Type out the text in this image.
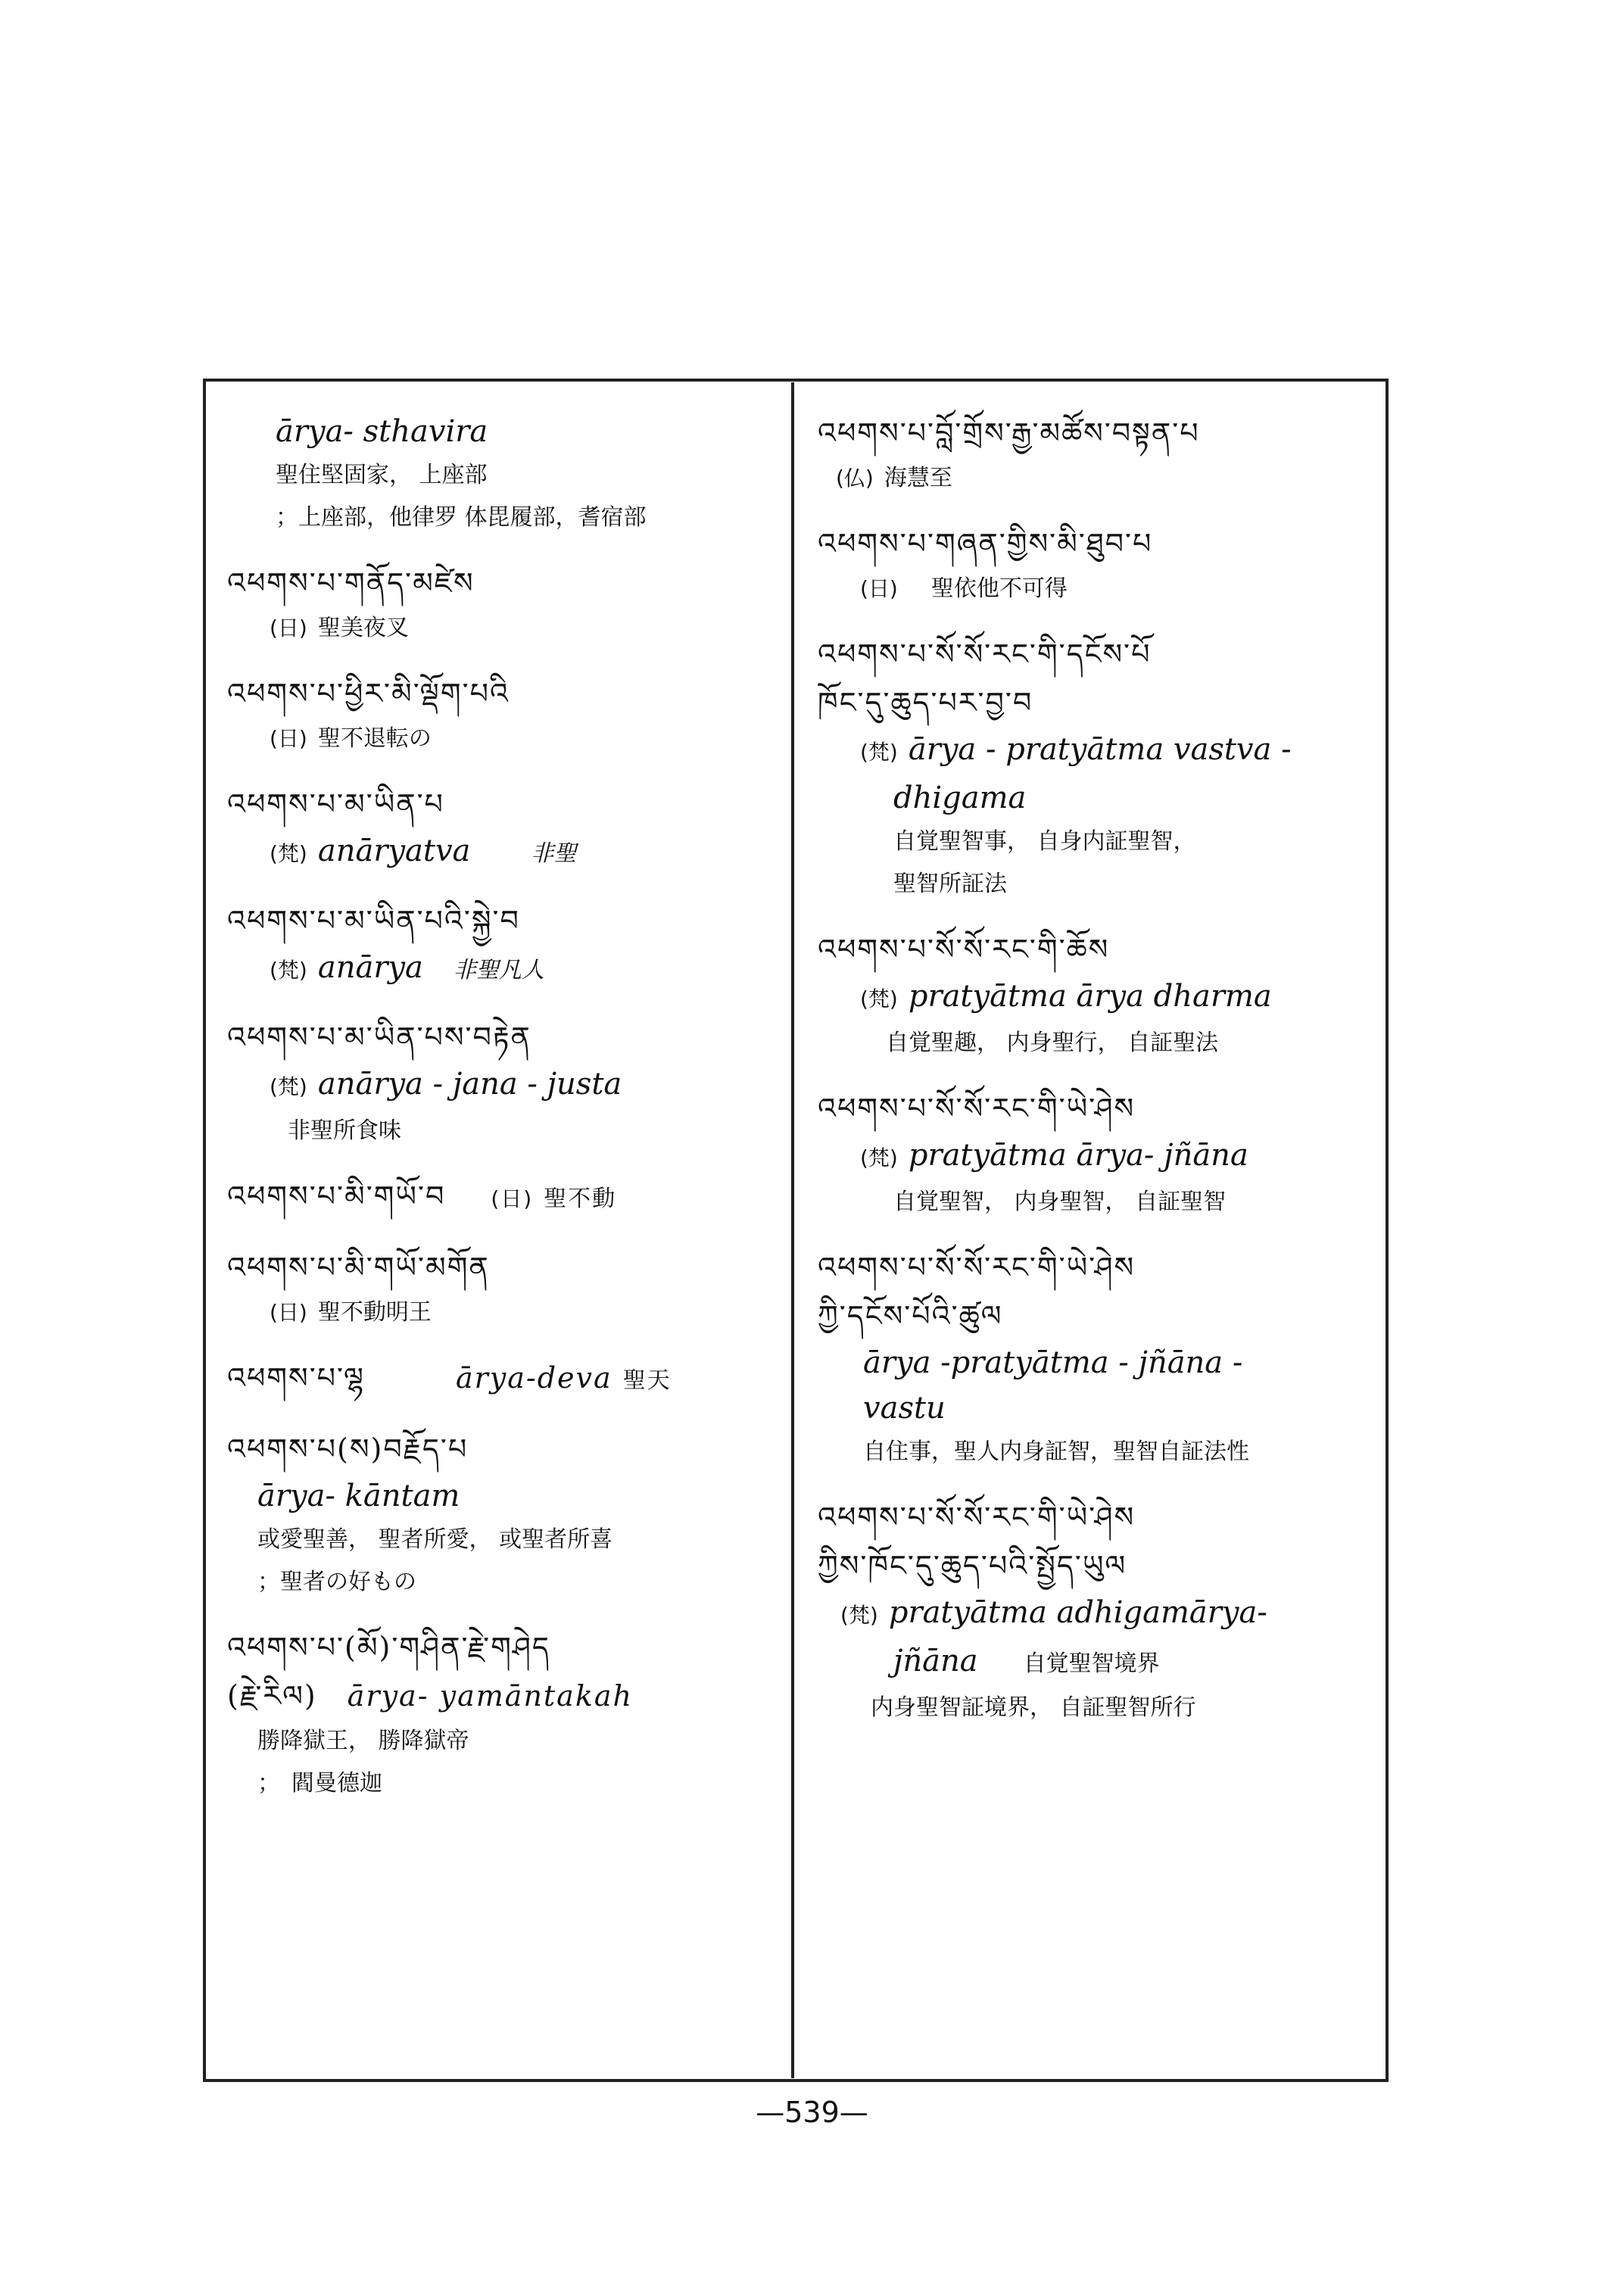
ārya- sthavira
聖住堅固家， 上座部
；上座部，他律罗 体毘履部，耆宿部
འཕགས་པ་གནོད་མཛེས
(日) 聖美夜叉
འཕགས་པ་ཕྱིར་མི་ལྡོག་པའི
(日) 聖不退転の
འཕགས་པ་མ་ཡིན་པ
(梵) anāryatva	非聖
འཕགས་པ་མ་ཡིན་པའི་སྐྱེ་བ
(梵) anārya 非聖凡人
འཕགས་པ་མ་ཡིན་པས་བརྟེན
(梵) anārya - jana - justa
非聖所食味
འཕགས་པ་མི་གཡོ་བ (日) 聖不動
འཕགས་པ་མི་གཡོ་མགོན
(日) 聖不動明王
འཕགས་པ་ལྷ	ārya-deva 聖天
འཕགས་པ(ས)བརྗོད་པ
ārya- kāntam
或愛聖善， 聖者所愛， 或聖者所喜
；聖者の好もの
འཕགས་པ་(མོ)་གཤིན་རྗེ་གཤེད
(རྗེ་རིལ) ārya- yamāntakah
勝降獄王， 勝降獄帝
；　閻曼德迦
འཕགས་པ་བློ་གྲོས་རྒྱ་མཚོས་བསྟན་པ
(仏) 海慧至
འཕགས་པ་གཞན་གྱིས་མི་ཐུབ་པ
(日) 聖依他不可得
འཕགས་པ་སོ་སོ་རང་གི་དངོས་པོ
ཁོང་དུ་ཆུད་པར་བྱ་བ
(梵) ārya - pratyātma vastva -
dhigama
自覚聖智事， 自身内証聖智，
聖智所証法
འཕགས་པ་སོ་སོ་རང་གི་ཆོས
(梵) pratyātma ārya dharma
自覚聖趣， 内身聖行， 自証聖法
འཕགས་པ་སོ་སོ་རང་གི་ཡེ་ཤེས
(梵) pratyātma ārya- jñāna
自覚聖智， 内身聖智， 自証聖智
འཕགས་པ་སོ་སོ་རང་གི་ཡེ་ཤེས
ཀྱི་དངོས་པོའི་ཚུལ
ārya -pratyātma - jñāna -
vastu
自住事，聖人内身証智，聖智自証法性
འཕགས་པ་སོ་སོ་རང་གི་ཡེ་ཤེས
ཀྱིས་ཁོང་དུ་ཆུད་པའི་སྤྱོད་ཡུལ
(梵) pratyātma adhigamārya-
jñāna 自覚聖智境界
内身聖智証境界， 自証聖智所行
—539—
